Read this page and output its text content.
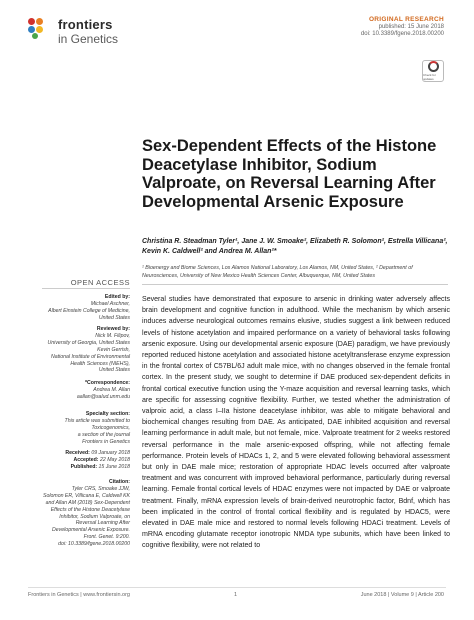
frontiers
in Genetics
ORIGINAL RESEARCH
published: 15 June 2018
doi: 10.3389/fgene.2018.00200
Check for updates
Sex-Dependent Effects of the Histone Deacetylase Inhibitor, Sodium Valproate, on Reversal Learning After Developmental Arsenic Exposure
Christina R. Steadman Tyler¹, Jane J. W. Smoake², Elizabeth R. Solomon², Estrella Villicana², Kevin K. Caldwell² and Andrea M. Allan²*
¹ Bioenergy and Biome Sciences, Los Alamos National Laboratory, Los Alamos, NM, United States, ² Department of Neurosciences, University of New Mexico Health Sciences Center, Albuquerque, NM, United States
OPEN ACCESS
Edited by:
Michael Aschner,
Albert Einstein College of Medicine,
United States
Reviewed by:
Nick M. Filipov,
University of Georgia, United States
Kevin Gerrish,
National Institute of Environmental
Health Sciences (NIEHS),
United States
*Correspondence:
Andrea M. Allan
aallan@salud.unm.edu
Specialty section:
This article was submitted to
Toxicogenomics,
a section of the journal
Frontiers in Genetics
Received: 09 January 2018
Accepted: 22 May 2018
Published: 15 June 2018
Citation:
Tyler CRS, Smoake JJW,
Solomon ER, Villicana E, Caldwell KK
and Allan AM (2018) Sex-Dependent
Effects of the Histone Deacetylase
Inhibitor, Sodium Valproate, on
Reversal Learning After
Developmental Arsenic Exposure.
Front. Genet. 9:200.
doi: 10.3389/fgene.2018.00200

Several studies have demonstrated that exposure to arsenic in drinking water adversely affects brain development and cognitive function in adulthood. While the mechanism by which arsenic induces adverse neurological outcomes remains elusive, studies suggest a link between reduced levels of histone acetylation and impaired performance on a variety of behavioral tasks following arsenic exposure. Using our developmental arsenic exposure (DAE) paradigm, we have previously reported reduced histone acetylation and associated histone acetyltransferase enzyme expression in the frontal cortex of C57BL/6J adult male mice, with no changes observed in the female frontal cortex. In the present study, we sought to determine if DAE produced sex-dependent deficits in frontal cortical executive function using the Y-maze acquisition and reversal learning tasks, which are specific for assessing cognitive flexibility. Further, we tested whether the administration of valproic acid, a class I–IIa histone deacetylase inhibitor, was able to mitigate behavioral and biochemical changes resulting from DAE. As anticipated, DAE inhibited acquisition and reversal learning performance in adult male, but not female, mice. Valproate treatment for 2 weeks restored reversal performance in the male arsenic-exposed offspring, while not affecting female performance. Protein levels of HDACs 1, 2, and 5 were elevated following behavioral assessment but only in DAE male mice; restoration of appropriate HDAC levels occurred after valproate treatment and was concurrent with improved behavioral performance, particularly during reversal learning. Female frontal cortical levels of HDAC enzymes were not impacted by DAE or valproate treatment. Finally, mRNA expression levels of brain-derived neurotrophic factor, Bdnf, which has been implicated in the control of frontal cortical flexibility and is regulated by HDAC5, were elevated in DAE male mice and restored to normal levels following HDACi treatment. Levels of mRNA encoding glutamate receptor ionotropic NMDA type subunits, which have been linked to cognitive flexibility, were not related to

Frontiers in Genetics | www.frontiersin.org	1	June 2018 | Volume 9 | Article 200
